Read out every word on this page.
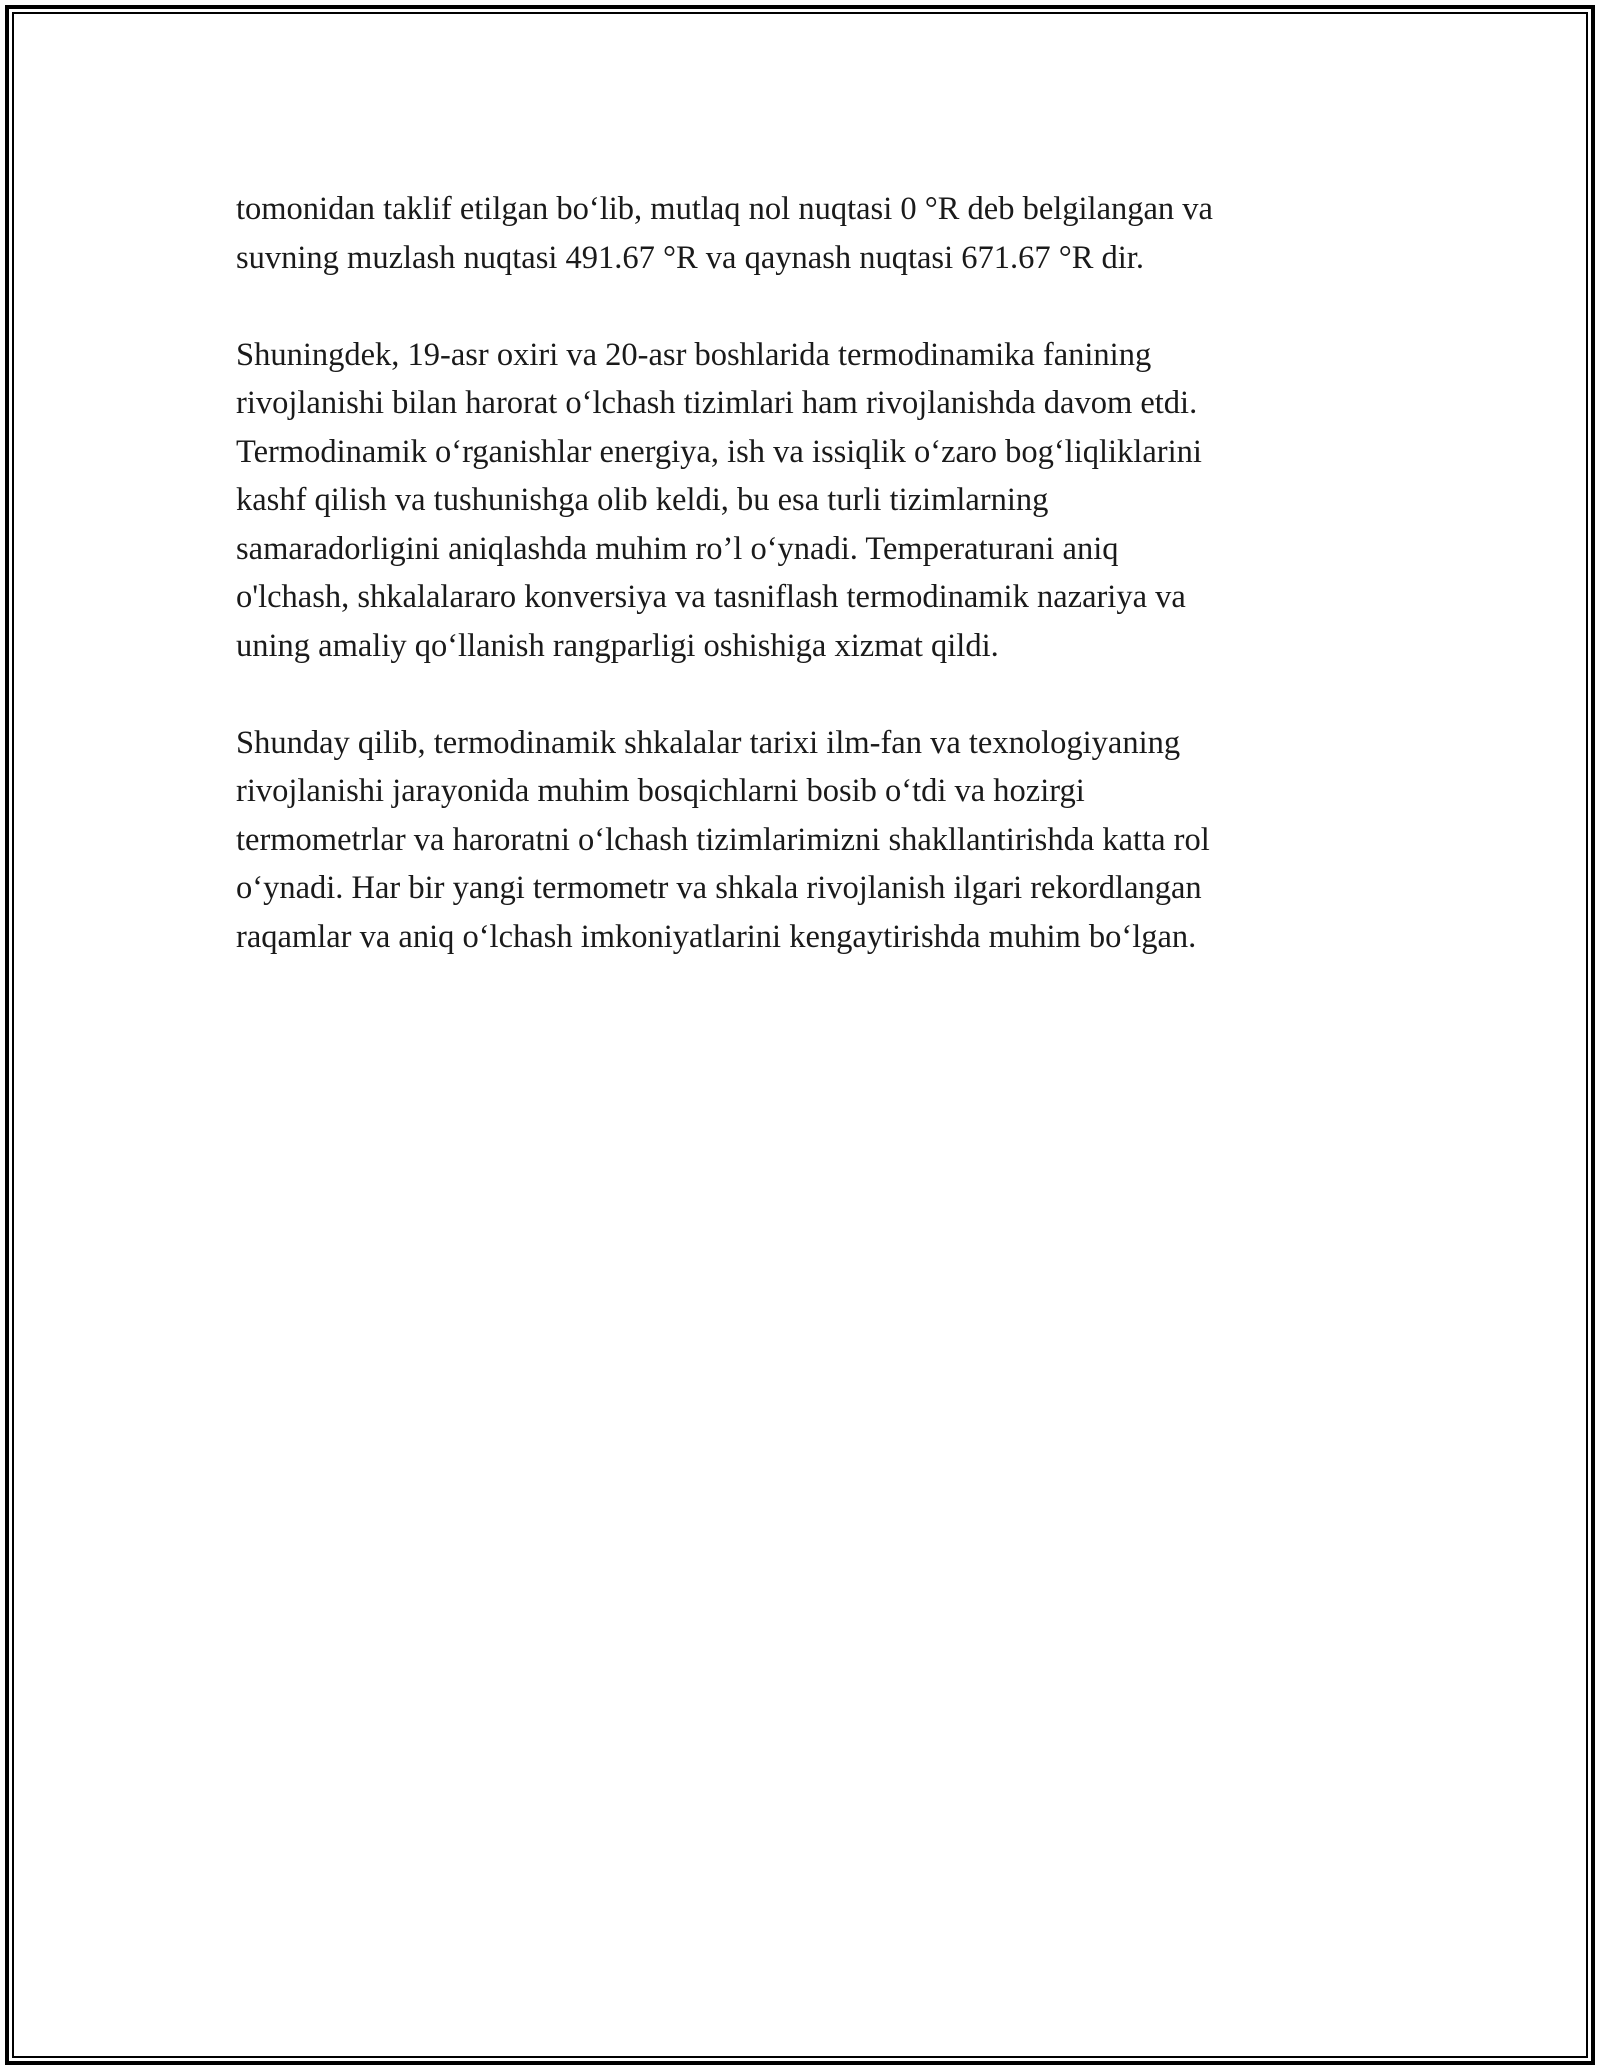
tomonidan taklif etilgan bo‘lib, mutlaq nol nuqtasi 0 °R deb belgilangan va
suvning muzlash nuqtasi 491.67 °R va qaynash nuqtasi 671.67 °R dir.

Shuningdek, 19-asr oxiri va 20-asr boshlarida termodinamika fanining
rivojlanishi bilan harorat o‘lchash tizimlari ham rivojlanishda davom etdi.
Termodinamik o‘rganishlar energiya, ish va issiqlik o‘zaro bog‘liqliklarini
kashf qilish va tushunishga olib keldi, bu esa turli tizimlarning
samaradorligini aniqlashda muhim ro’l o‘ynadi. Temperaturani aniq
o'lchash, shkalalararo konversiya va tasniflash termodinamik nazariya va
uning amaliy qo‘llanish rangparligi oshishiga xizmat qildi.

Shunday qilib, termodinamik shkalalar tarixi ilm-fan va texnologiyaning
rivojlanishi jarayonida muhim bosqichlarni bosib o‘tdi va hozirgi
termometrlar va haroratni o‘lchash tizimlarimizni shakllantirishda katta rol
o‘ynadi. Har bir yangi termometr va shkala rivojlanish ilgari rekordlangan
raqamlar va aniq o‘lchash imkoniyatlarini kengaytirishda muhim bo‘lgan.
